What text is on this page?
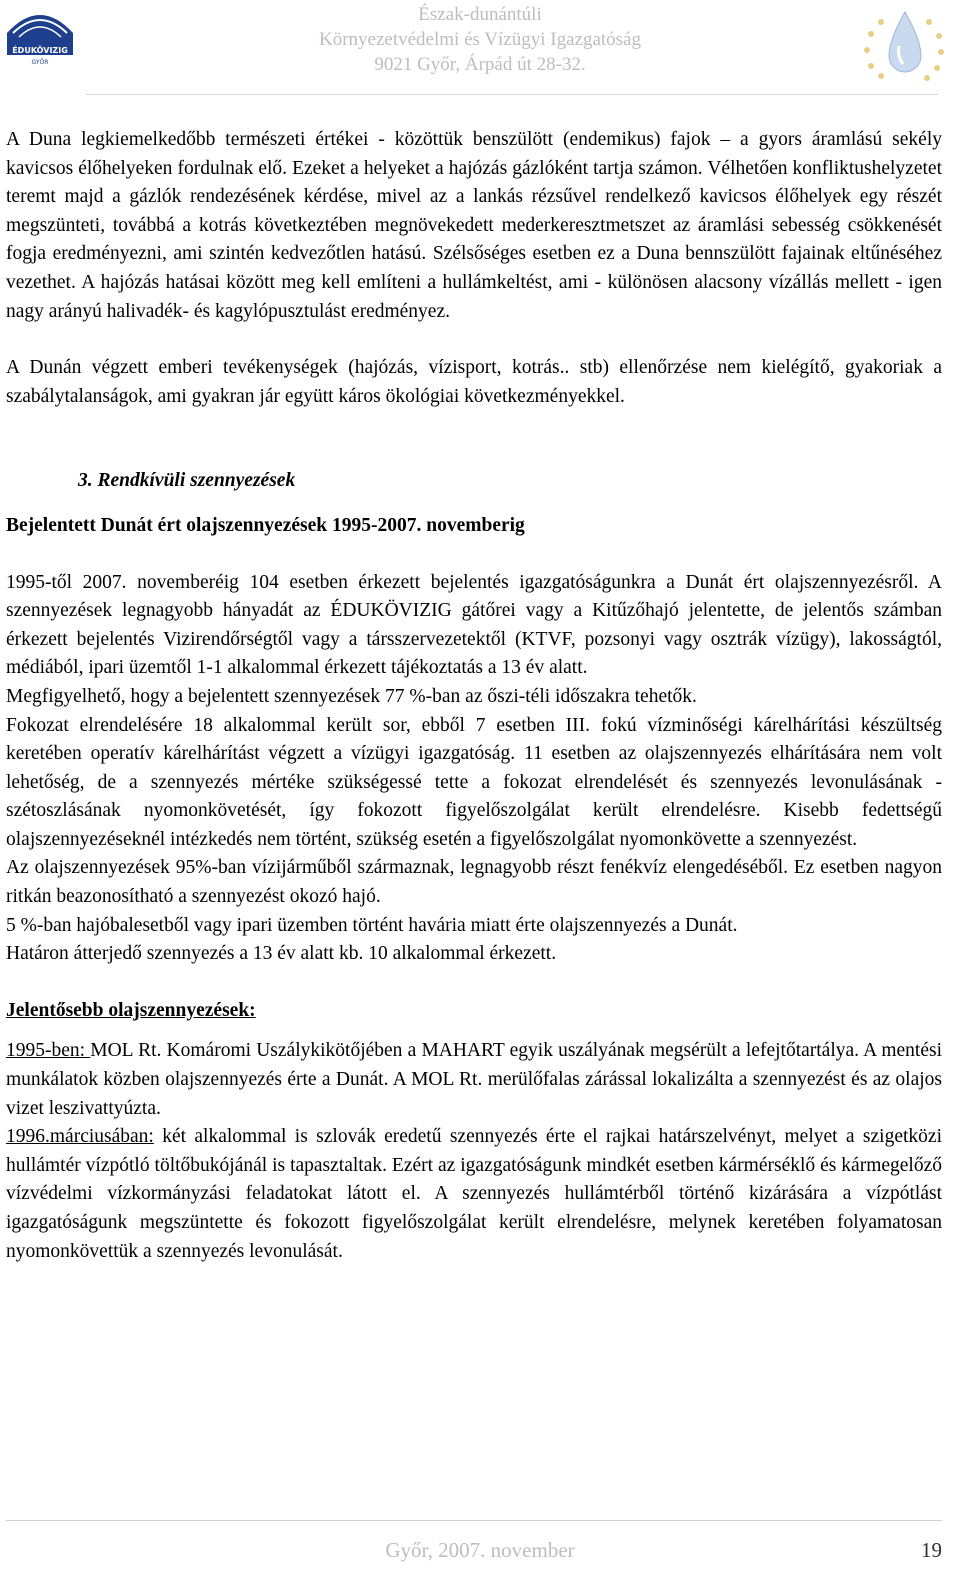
ÉDUKÖVIZIG
GYŐR
Észak-dunántúli
Környezetvédelmi és Vízügyi Igazgatóság
9021 Győr, Árpád út 28-32.

A Duna legkiemelkedőbb természeti értékei - közöttük benszülött (endemikus) fajok – a gyors áramlású sekély kavicsos élőhelyeken fordulnak elő. Ezeket a helyeket a hajózás gázlóként tartja számon. Vélhetően konfliktushelyzetet teremt majd a gázlók rendezésének kérdése, mivel az a lankás rézsűvel rendelkező kavicsos élőhelyek egy részét megszünteti, továbbá a kotrás következtében megnövekedett mederkeresztmetszet az áramlási sebesség csökkenését fogja eredményezni, ami szintén kedvezőtlen hatású. Szélsőséges esetben ez a Duna bennszülött fajainak eltűnéséhez vezethet. A hajózás hatásai között meg kell említeni a hullámkeltést, ami - különösen alacsony vízállás mellett - igen nagy arányú halivadék- és kagylópusztulást eredményez.

A Dunán végzett emberi tevékenységek (hajózás, vízisport, kotrás.. stb) ellenőrzése nem kielégítő, gyakoriak a szabálytalanságok, ami gyakran jár együtt káros ökológiai következményekkel.

3. Rendkívüli szennyezések
Bejelentett Dunát ért olajszennyezések 1995-2007. novemberig

1995-től 2007. novemberéig 104 esetben érkezett bejelentés igazgatóságunkra a Dunát ért olajszennyezésről. A szennyezések legnagyobb hányadát az ÉDUKÖVIZIG gátőrei vagy a Kitűzőhajó jelentette, de jelentős számban érkezett bejelentés Vizirendőrségtől vagy a társszervezetektől (KTVF, pozsonyi vagy osztrák vízügy), lakosságtól, médiából, ipari üzemtől 1-1 alkalommal érkezett tájékoztatás a 13 év alatt.

Megfigyelhető, hogy a bejelentett szennyezések 77 %-ban az őszi-téli időszakra tehetők.

Fokozat elrendelésére 18 alkalommal került sor, ebből 7 esetben III. fokú vízminőségi kárelhárítási készültség keretében operatív kárelhárítást végzett a vízügyi igazgatóság. 11 esetben az olajszennyezés elhárítására nem volt lehetőség, de a szennyezés mértéke szükségessé tette a fokozat elrendelését és szennyezés levonulásának - szétoszlásának nyomonkövetését, így fokozott figyelőszolgálat került elrendelésre. Kisebb fedettségű olajszennyezéseknél intézkedés nem történt, szükség esetén a figyelőszolgálat nyomonkövette a szennyezést.

Az olajszennyezések 95%-ban vízijárműből származnak, legnagyobb részt fenékvíz elengedéséből. Ez esetben nagyon ritkán beazonosítható a szennyezést okozó hajó.

5 %-ban hajóbalesetből vagy ipari üzemben történt havária miatt érte olajszennyezés a Dunát.

Határon átterjedő szennyezés a 13 év alatt kb. 10 alkalommal érkezett.

Jelentősebb olajszennyezések:

1995-ben: MOL Rt. Komáromi Uszálykikötőjében a MAHART egyik uszályának megsérült a lefejtőtartálya. A mentési munkálatok közben olajszennyezés érte a Dunát. A MOL Rt. merülőfalas zárással lokalizálta a szennyezést és az olajos vizet leszivattyúzta.

1996.márciusában: két alkalommal is szlovák eredetű szennyezés érte el rajkai határszelvényt, melyet a szigetközi hullámtér vízpótló töltőbukójánál is tapasztaltak. Ezért az igazgatóságunk mindkét esetben kármérséklő és kármegelőző vízvédelmi vízkormányzási feladatokat látott el. A szennyezés hullámtérből történő kizárására a vízpótlást igazgatóságunk megszüntette és fokozott figyelőszolgálat került elrendelésre, melynek keretében folyamatosan nyomonkövettük a szennyezés levonulását.

Győr, 2007. november	19
